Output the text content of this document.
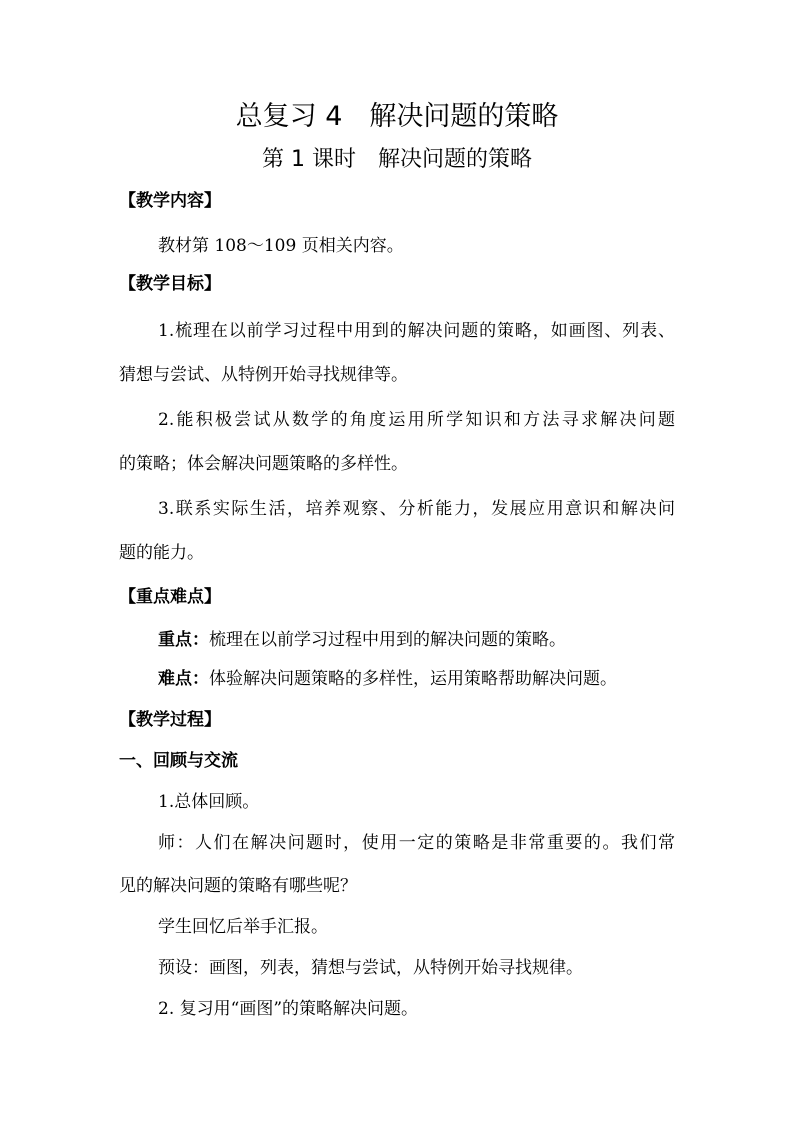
总复习 4　解决问题的策略
第 1 课时　解决问题的策略
【教学内容】
教材第 108～109 页相关内容。
【教学目标】
1.梳理在以前学习过程中用到的解决问题的策略，如画图、列表、
猜想与尝试、从特例开始寻找规律等。
2.能积极尝试从数学的角度运用所学知识和方法寻求解决问题
的策略；体会解决问题策略的多样性。
3.联系实际生活，培养观察、分析能力，发展应用意识和解决问
题的能力。
【重点难点】
重点：梳理在以前学习过程中用到的解决问题的策略。
难点：体验解决问题策略的多样性，运用策略帮助解决问题。
【教学过程】
一、回顾与交流
1.总体回顾。
师：人们在解决问题时，使用一定的策略是非常重要的。我们常
见的解决问题的策略有哪些呢？
学生回忆后举手汇报。
预设：画图，列表，猜想与尝试，从特例开始寻找规律。
2. 复习用“画图”的策略解决问题。
